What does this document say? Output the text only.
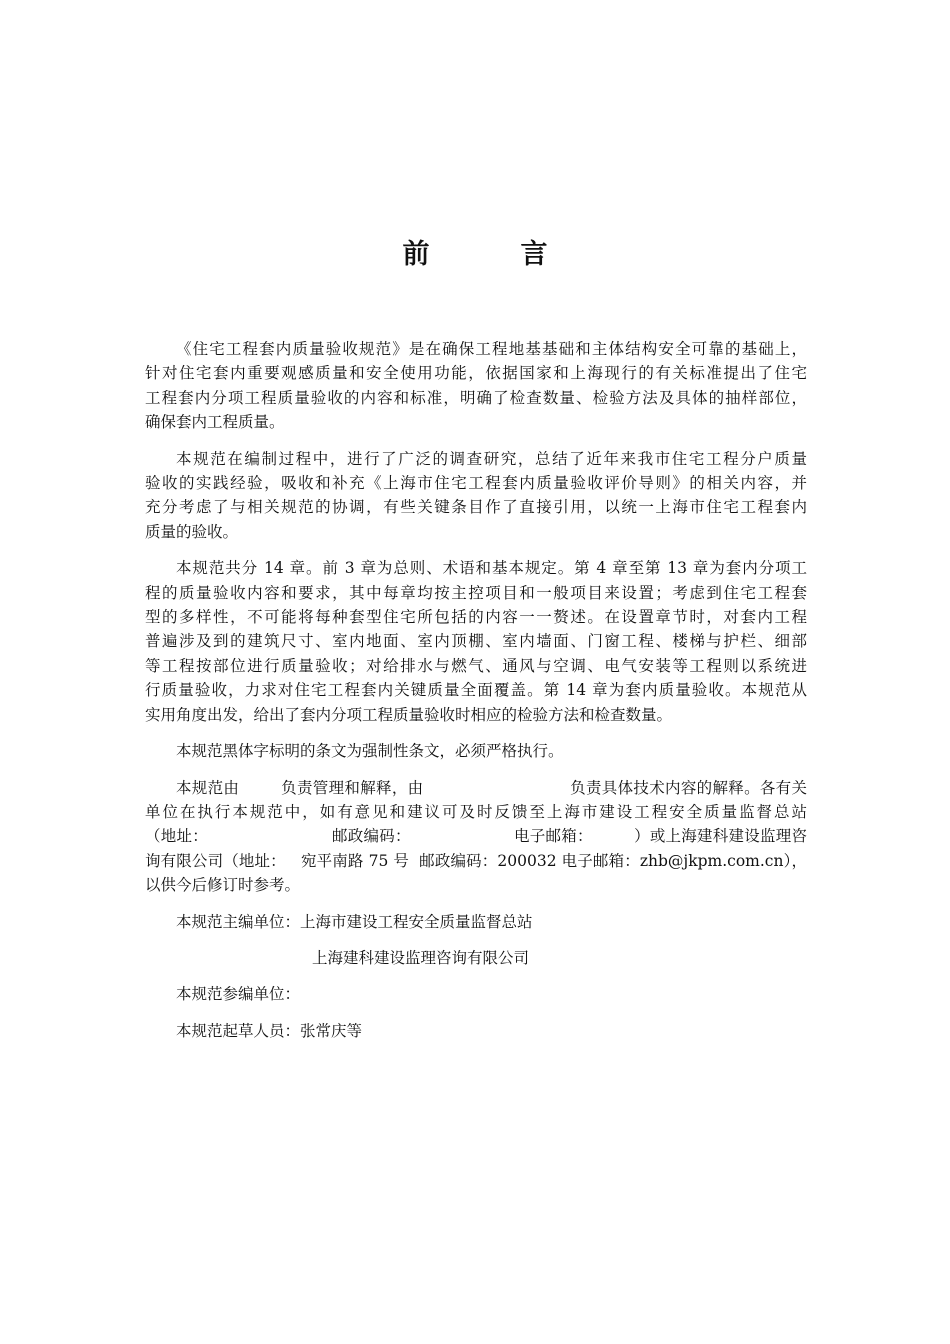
前　言
《住宅工程套内质量验收规范》是在确保工程地基基础和主体结构安全可靠的基础上，
针对住宅套内重要观感质量和安全使用功能，依据国家和上海现行的有关标准提出了住宅
工程套内分项工程质量验收的内容和标准，明确了检查数量、检验方法及具体的抽样部位，
确保套内工程质量。
本规范在编制过程中，进行了广泛的调查研究，总结了近年来我市住宅工程分户质量
验收的实践经验，吸收和补充《上海市住宅工程套内质量验收评价导则》的相关内容，并
充分考虑了与相关规范的协调，有些关键条目作了直接引用，以统一上海市住宅工程套内
质量的验收。
本规范共分 14 章。前 3 章为总则、术语和基本规定。第 4 章至第 13 章为套内分项工
程的质量验收内容和要求，其中每章均按主控项目和一般项目来设置；考虑到住宅工程套
型的多样性，不可能将每种套型住宅所包括的内容一一赘述。在设置章节时，对套内工程
普遍涉及到的建筑尺寸、室内地面、室内顶棚、室内墙面、门窗工程、楼梯与护栏、细部
等工程按部位进行质量验收；对给排水与燃气、通风与空调、电气安装等工程则以系统进
行质量验收，力求对住宅工程套内关键质量全面覆盖。第 14 章为套内质量验收。本规范从
实用角度出发，给出了套内分项工程质量验收时相应的检验方法和检查数量。
本规范黑体字标明的条文为强制性条文，必须严格执行。
本规范由        负责管理和解释，由                            负责具体技术内容的解释。各有关
单位在执行本规范中，如有意见和建议可及时反馈至上海市建设工程安全质量监督总站
（地址：                        邮政编码：                    电子邮箱：        ）或上海建科建设监理咨
询有限公司（地址：   宛平南路 75 号  邮政编码：200032 电子邮箱：zhb@jkpm.com.cn），
以供今后修订时参考。
本规范主编单位：上海市建设工程安全质量监督总站
上海建科建设监理咨询有限公司
本规范参编单位：
本规范起草人员：张常庆等
